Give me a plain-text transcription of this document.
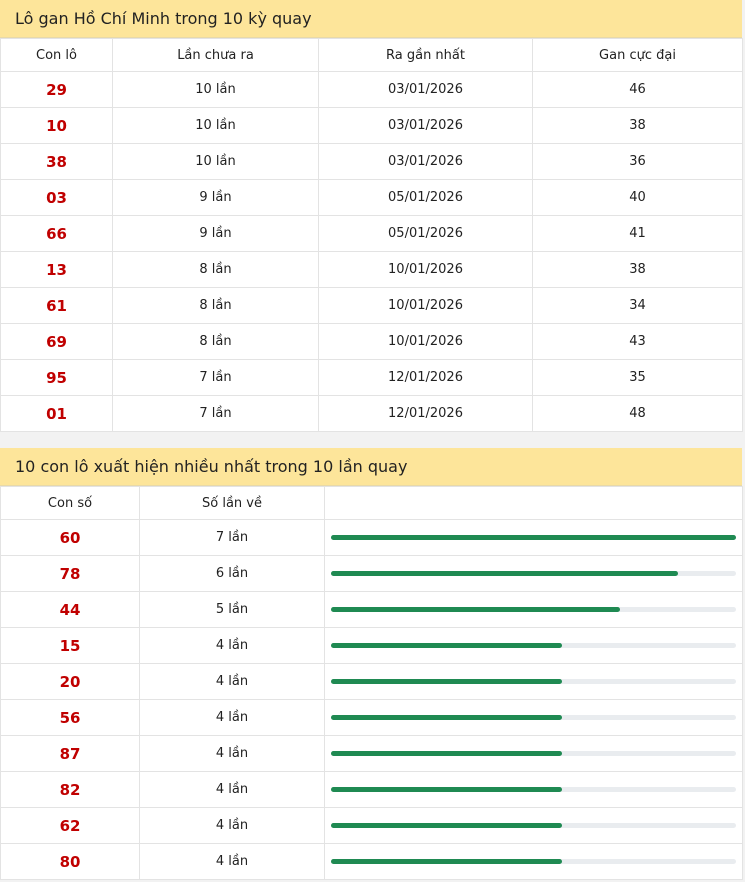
Lô gan Hồ Chí Minh trong 10 kỳ quay
Con lô	Lần chưa ra	Ra gần nhất	Gan cực đại
29	10 lần	03/01/2026	46
10	10 lần	03/01/2026	38
38	10 lần	03/01/2026	36
03	9 lần	05/01/2026	40
66	9 lần	05/01/2026	41
13	8 lần	10/01/2026	38
61	8 lần	10/01/2026	34
69	8 lần	10/01/2026	43
95	7 lần	12/01/2026	35
01	7 lần	12/01/2026	48
10 con lô xuất hiện nhiều nhất trong 10 lần quay
Con số	Số lần về	
60	7 lần	

78	6 lần	

44	5 lần	

15	4 lần	

20	4 lần	

56	4 lần	

87	4 lần	

82	4 lần	

62	4 lần	

80	4 lần	
